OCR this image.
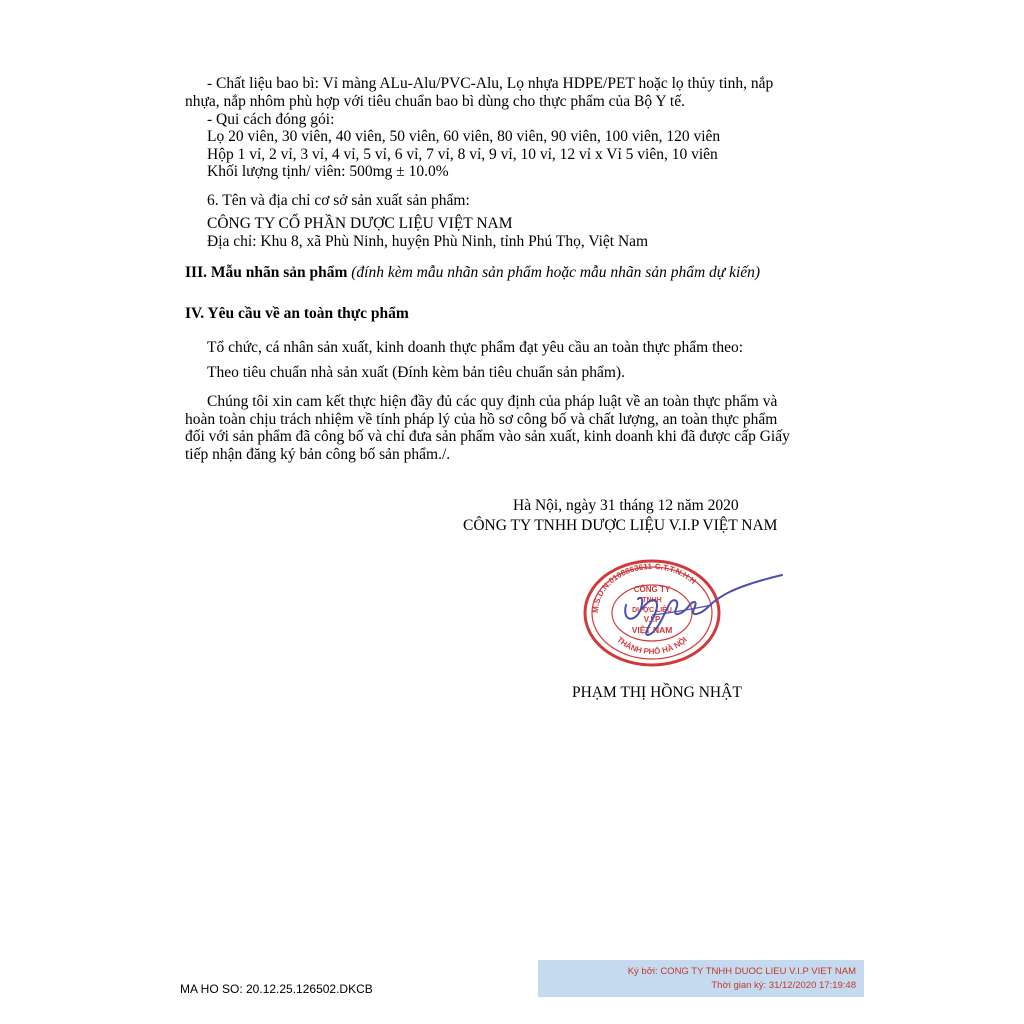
- Chất liệu bao bì: Vỉ màng ALu-Alu/PVC-Alu, Lọ nhựa HDPE/PET hoặc lọ thủy tinh, nắp
nhựa, nắp nhôm phù hợp với tiêu chuẩn bao bì dùng cho thực phẩm của Bộ Y tế.
- Qui cách đóng gói:
Lọ 20 viên, 30 viên, 40 viên, 50 viên, 60 viên, 80 viên, 90 viên, 100 viên, 120 viên
Hộp 1 vỉ, 2 vỉ, 3 vỉ, 4 vỉ, 5 vỉ, 6 vỉ, 7 vỉ, 8 vỉ, 9 vỉ, 10 vỉ, 12 vỉ x Vỉ 5 viên, 10 viên
Khối lượng tịnh/ viên: 500mg ± 10.0%
6. Tên và địa chỉ cơ sở sản xuất sản phẩm:
CÔNG TY CỔ PHẦN DƯỢC LIỆU VIỆT NAM
Địa chỉ: Khu 8, xã Phù Ninh, huyện Phù Ninh, tỉnh Phú Thọ, Việt Nam
III. Mẫu nhãn sản phẩm (đính kèm mẫu nhãn sản phẩm hoặc mẫu nhãn sản phẩm dự kiến)
IV. Yêu cầu về an toàn thực phẩm
Tổ chức, cá nhân sản xuất, kinh doanh thực phẩm đạt yêu cầu an toàn thực phẩm theo:
Theo tiêu chuẩn nhà sản xuất (Đính kèm bản tiêu chuẩn sản phẩm).
Chúng tôi xin cam kết thực hiện đầy đủ các quy định của pháp luật về an toàn thực phẩm và
hoàn toàn chịu trách nhiệm về tính pháp lý của hồ sơ công bố và chất lượng, an toàn thực phẩm
đối với sản phẩm đã công bố và chỉ đưa sản phẩm vào sản xuất, kinh doanh khi đã được cấp Giấy
tiếp nhận đăng ký bản công bố sản phẩm./.
Hà Nội, ngày 31 tháng 12 năm 2020
CÔNG TY TNHH DƯỢC LIỆU V.I.P VIỆT NAM
M.S.D.N:0108863611-C.T.T.N.H.H
THÀNH PHỐ HÀ NỘI
CÔNG TY
TNHH
DƯỢC LIỆU
V.I.P
VIỆT NAM
PHẠM THỊ HỒNG NHẬT
MA HO SO: 20.12.25.126502.DKCB
Ký bởi: CONG TY TNHH DUOC LIEU V.I.P VIET NAM
Thời gian ký: 31/12/2020 17:19:48
